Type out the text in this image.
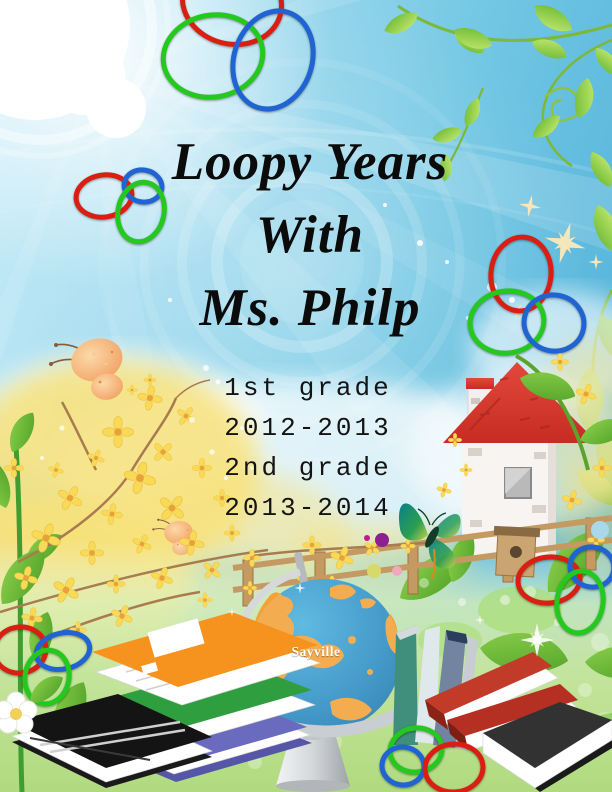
Loopy Years
With
Ms. Philp
1st grade
2012-2013
2nd grade
2013-2014
Sayville
